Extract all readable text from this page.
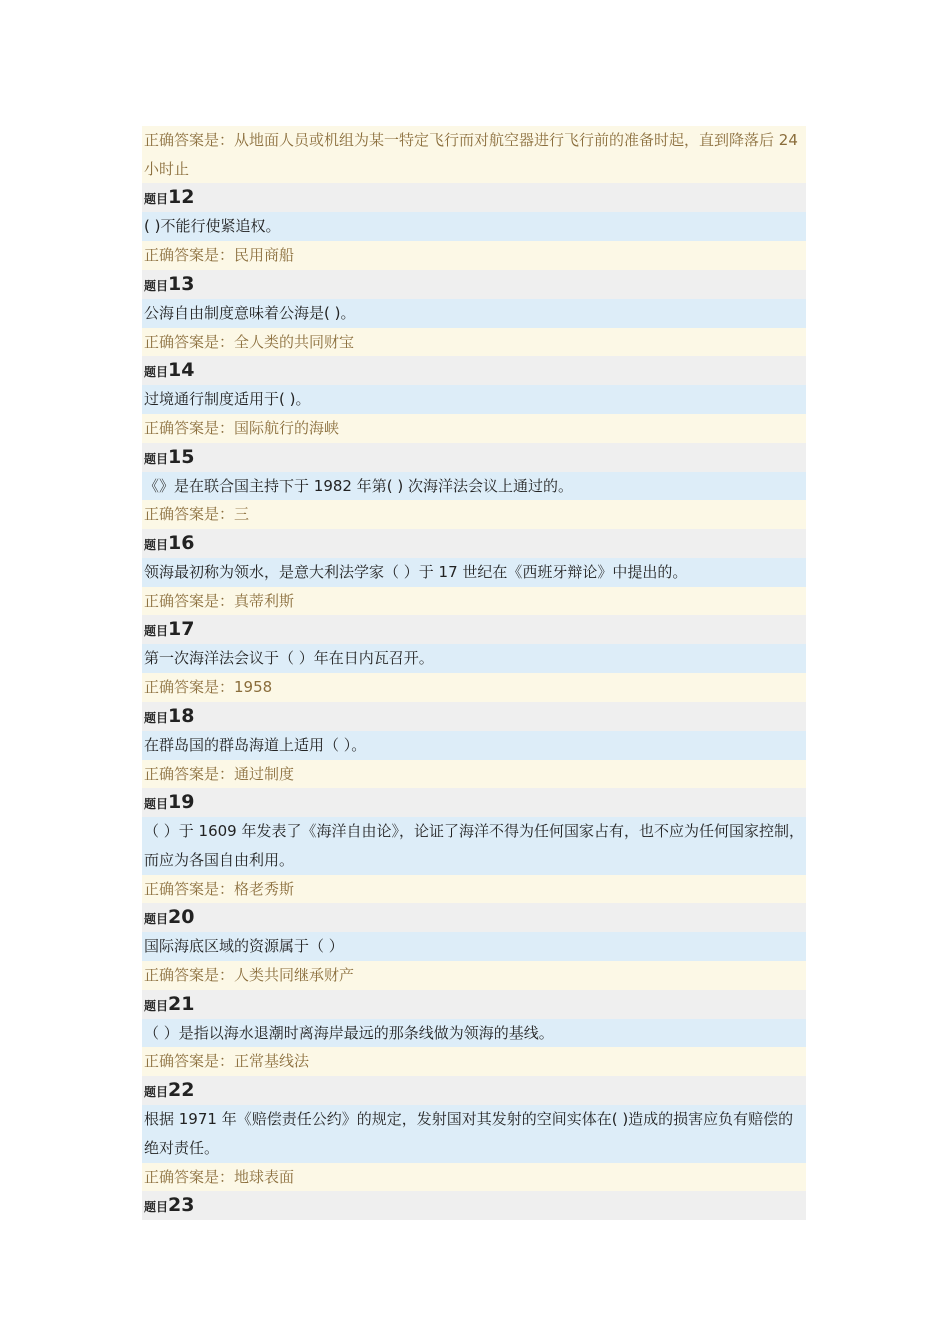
正确答案是：从地面人员或机组为某一特定飞行而对航空器进行飞行前的准备时起，直到降落后 24 小时止
题目12
( )不能行使紧追权。
正确答案是：民用商船
题目13
公海自由制度意味着公海是( )。
正确答案是：全人类的共同财宝
题目14
过境通行制度适用于( )。
正确答案是：国际航行的海峡
题目15
《》是在联合国主持下于 1982 年第( ) 次海洋法会议上通过的。
正确答案是：三
题目16
领海最初称为领水，是意大利法学家（ ）于 17 世纪在《西班牙辩论》中提出的。
正确答案是：真蒂利斯
题目17
第一次海洋法会议于（ ）年在日内瓦召开。
正确答案是：1958
题目18
在群岛国的群岛海道上适用（ ）。
正确答案是：通过制度
题目19
（ ）于 1609 年发表了《海洋自由论》，论证了海洋不得为任何国家占有，也不应为任何国家控制，而应为各国自由利用。
正确答案是：格老秀斯
题目20
国际海底区域的资源属于（ ）
正确答案是：人类共同继承财产
题目21
（ ）是指以海水退潮时离海岸最远的那条线做为领海的基线。
正确答案是：正常基线法
题目22
根据 1971 年《赔偿责任公约》的规定，发射国对其发射的空间实体在( )造成的损害应负有赔偿的绝对责任。
正确答案是：地球表面
题目23
